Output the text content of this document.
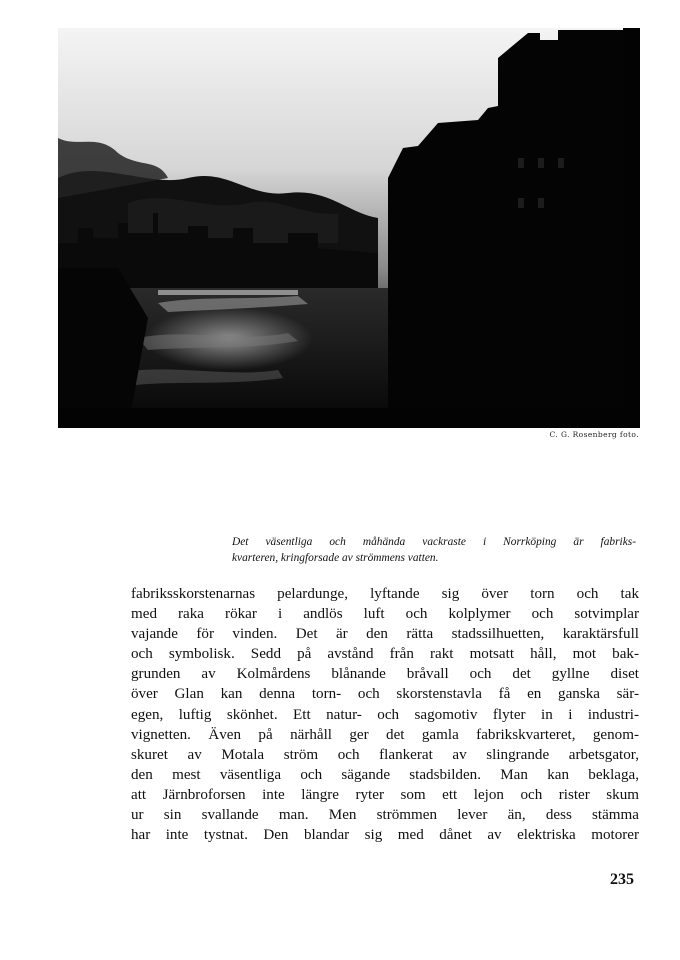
C. G. Rosenberg foto.
Det väsentliga och måhända vackraste i Norrköping är fabriks-
kvarteren, kringforsade av strömmens vatten.
fabriksskorstenarnas pelardunge, lyftande sig över torn och tak
med raka rökar i andlös luft och kolplymer och sotvimplar
vajande för vinden. Det är den rätta stadssilhuetten, karaktärsfull
och symbolisk. Sedd på avstånd från rakt motsatt håll, mot bak-
grunden av Kolmårdens blånande bråvall och det gyllne diset
över Glan kan denna torn- och skorstenstavla få en ganska sär-
egen, luftig skönhet. Ett natur- och sagomotiv flyter in i industri-
vignetten. Även på närhåll ger det gamla fabrikskvarteret, genom-
skuret av Motala ström och flankerat av slingrande arbetsgator,
den mest väsentliga och sägande stadsbilden. Man kan beklaga,
att Järnbroforsen inte längre ryter som ett lejon och rister skum
ur sin svallande man. Men strömmen lever än, dess stämma
har inte tystnat. Den blandar sig med dånet av elektriska motorer
235
